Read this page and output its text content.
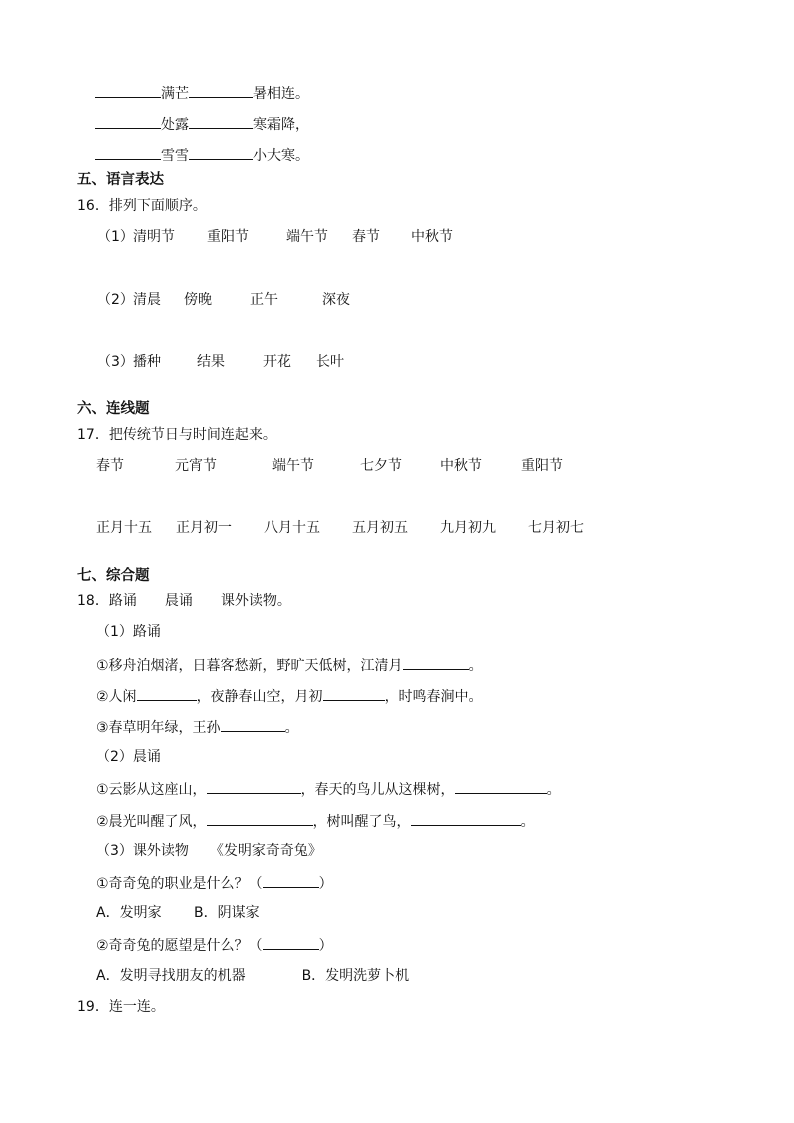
满芒	暑相连。
处露	寒霜降，
雪雪	小大寒。
五、语言表达
16．排列下面顺序。
（1） 清明节 重阳节	端午节 春节 中秋节
（2） 清晨 傍晚	正午	深夜
（3） 播种	结果	开花 长叶
六、连线题
17．把传统节日与时间连起来。
春节	元宵节	端午节	七夕节	中秋节	重阳节
正月十五 正月初一 八月十五 五月初五 九月初九 七月初七
七、综合题
18．路诵　　晨诵　　课外读物。
（1）路诵
①移舟泊烟渚，日暮客愁新，野旷天低树，江清月	。
②人闲	，夜静春山空，月初	，时鸣春涧中。
③春草明年绿，王孙	。
（2）晨诵
①云影从这座山，	，春天的鸟儿从这棵树，	。
②晨光叫醒了风，	，树叫醒了鸟，	。
（3）课外读物　　《发明家奇奇兔》
①奇奇兔的职业是什么？（	）
A．发明家　　 B．阴谋家
②奇奇兔的愿望是什么？（	）
A．发明寻找朋友的机器　　　　B．发明洗萝卜机
19．连一连。
